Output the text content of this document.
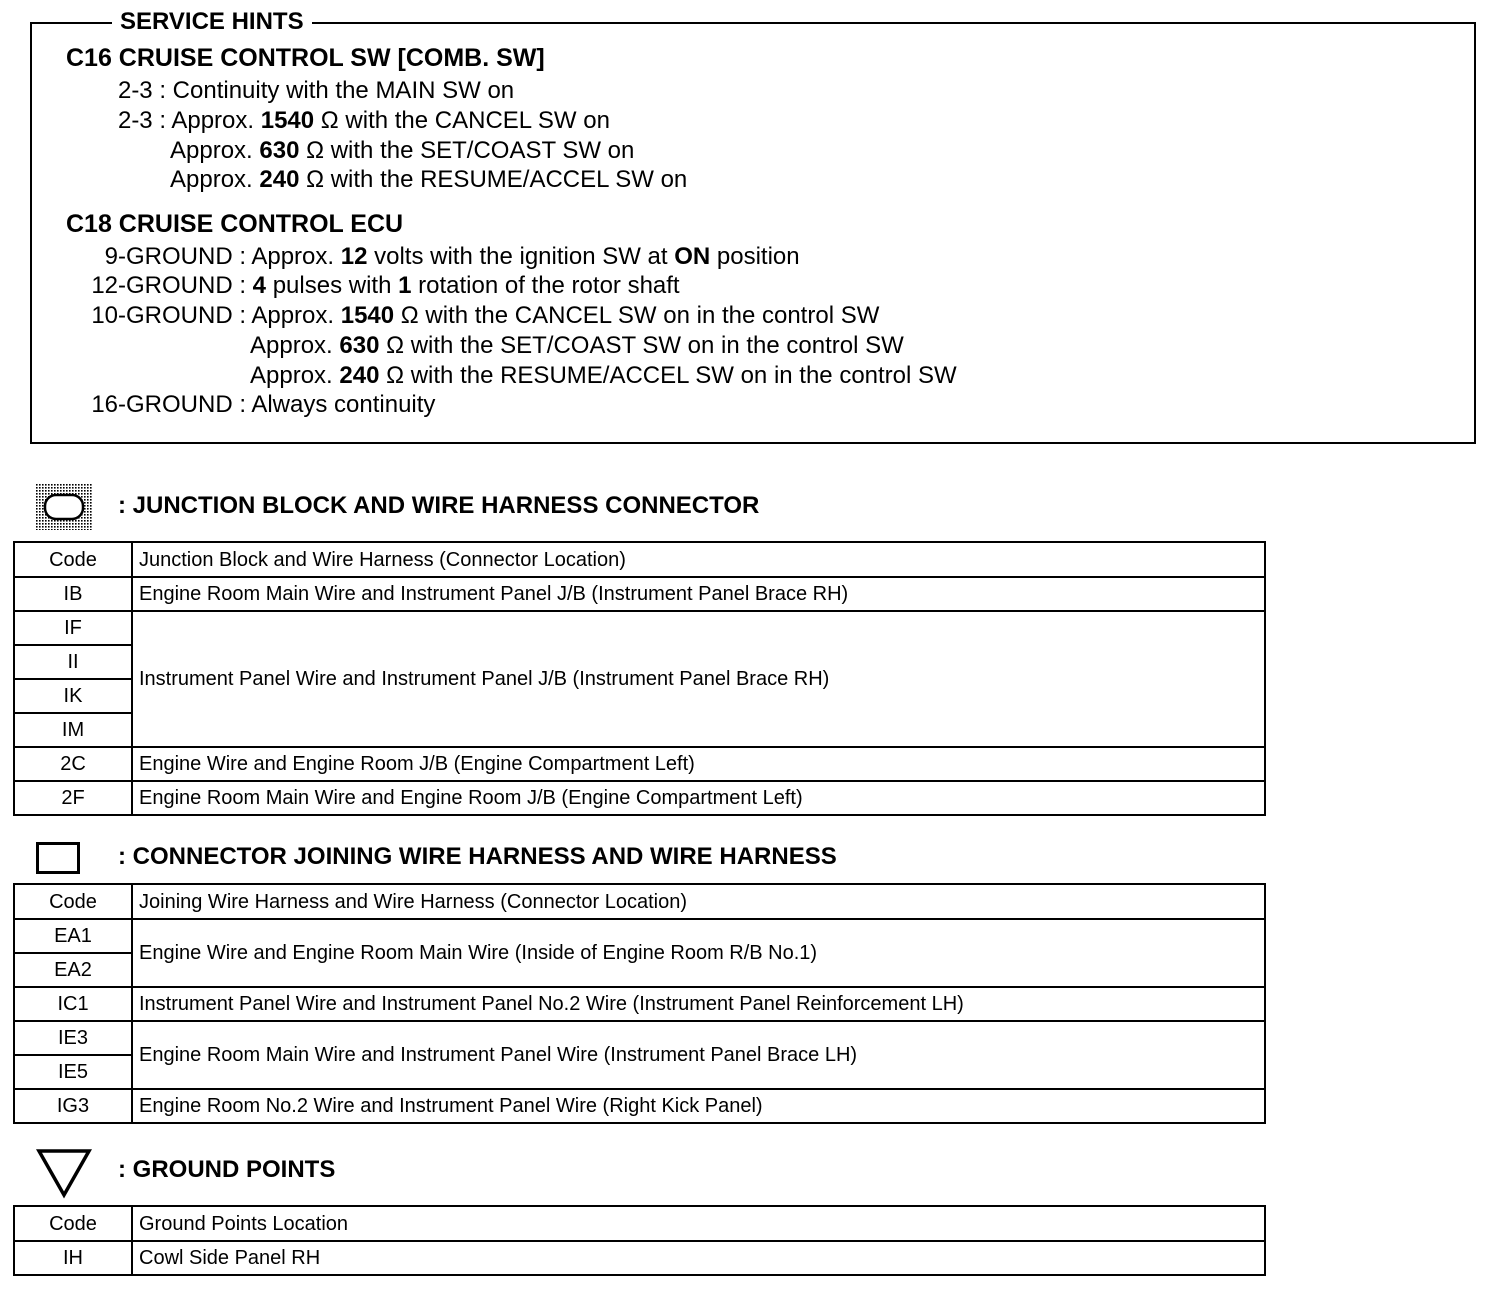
SERVICE HINTS
C16 CRUISE CONTROL SW [COMB. SW]
2-3 : Continuity with the MAIN SW on
2-3 : Approx. 1540 Ω with the CANCEL SW on
Approx. 630 Ω with the SET/COAST SW on
Approx. 240 Ω with the RESUME/ACCEL SW on
C18 CRUISE CONTROL ECU
9-GROUND : Approx. 12 volts with the ignition SW at ON position
12-GROUND : 4 pulses with 1 rotation of the rotor shaft
10-GROUND : Approx. 1540 Ω with the CANCEL SW on in the control SW
Approx. 630 Ω with the SET/COAST SW on in the control SW
Approx. 240 Ω with the RESUME/ACCEL SW on in the control SW
16-GROUND : Always continuity
: JUNCTION BLOCK AND WIRE HARNESS CONNECTOR
Code	Junction Block and Wire Harness (Connector Location)
IB	Engine Room Main Wire and Instrument Panel J/B (Instrument Panel Brace RH)
IF	Instrument Panel Wire and Instrument Panel J/B (Instrument Panel Brace RH)
II	
IK	
IM	
2C	Engine Wire and Engine Room J/B (Engine Compartment Left)
2F	Engine Room Main Wire and Engine Room J/B (Engine Compartment Left)
: CONNECTOR JOINING WIRE HARNESS AND WIRE HARNESS
Code	Joining Wire Harness and Wire Harness (Connector Location)
EA1	Engine Wire and Engine Room Main Wire (Inside of Engine Room R/B No.1)
EA2	
IC1	Instrument Panel Wire and Instrument Panel No.2 Wire (Instrument Panel Reinforcement LH)
IE3	Engine Room Main Wire and Instrument Panel Wire (Instrument Panel Brace LH)
IE5	
IG3	Engine Room No.2 Wire and Instrument Panel Wire (Right Kick Panel)
: GROUND POINTS
Code	Ground Points Location
IH	Cowl Side Panel RH
